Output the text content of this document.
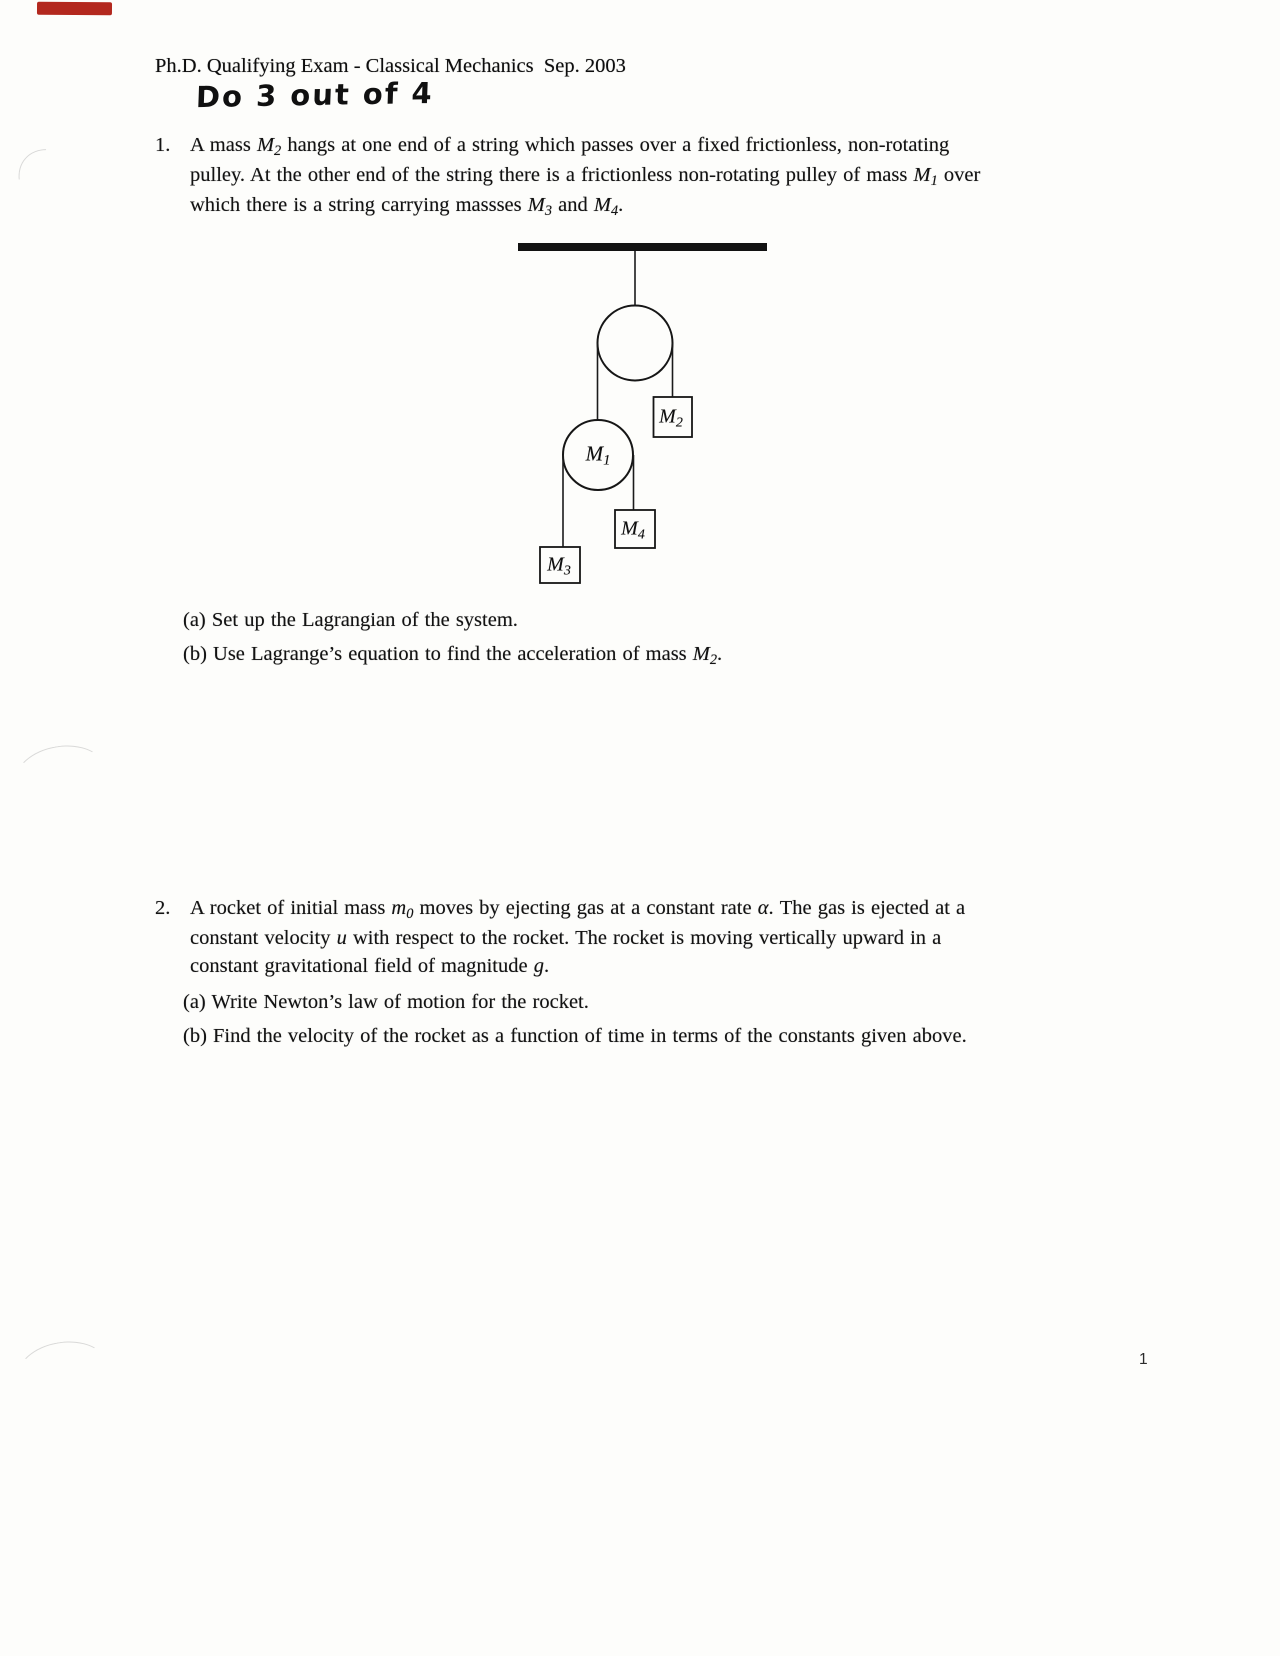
Ph.D. Qualifying Exam - Classical Mechanics  Sep. 2003
Do 3 out of 4
1. A mass $M_2$ hangs at one end of a string which passes over a fixed frictionless, non-rotating
pulley. At the other end of the string there is a frictionless non-rotating pulley of mass $M_1$ over
which there is a string carrying massses $M_3$ and $M_4$.

$M_1$

$M_2$

$M_4$

$M_3$

(a) Set up the Lagrangian of the system.
(b) Use Lagrange’s equation to find the acceleration of mass $M_2$.
2. A rocket of initial mass $m_0$ moves by ejecting gas at a constant rate α. The gas is ejected at a
constant velocity u with respect to the rocket. The rocket is moving vertically upward in a
constant gravitational field of magnitude g.
(a) Write Newton’s law of motion for the rocket.
(b) Find the velocity of the rocket as a function of time in terms of the constants given above.
1
